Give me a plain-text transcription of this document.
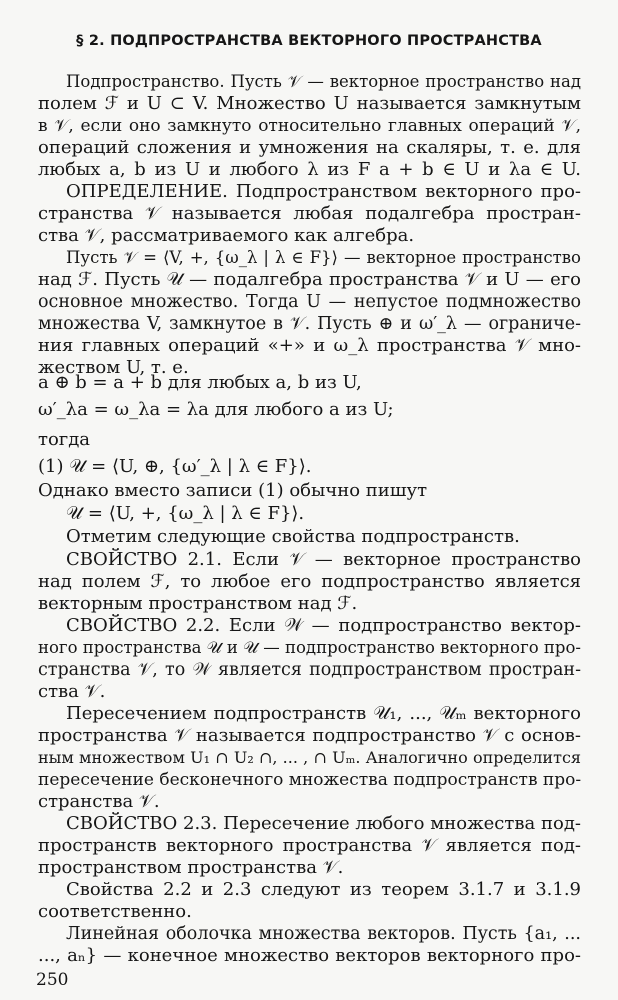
§ 2. ПОДПРОСТРАНСТВА ВЕКТОРНОГО ПРОСТРАНСТВА
Подпространство. Пусть 𝒱 — векторное пространство над
полем ℱ и U ⊂ V. Множество U называется замкнутым
в 𝒱, если оно замкнуто относительно главных операций 𝒱,
операций сложения и умножения на скаляры, т. е. для
любых a, b из U и любого λ из F a + b ∈ U и λa ∈ U.
ОПРЕДЕЛЕНИЕ. Подпространством векторного про-
странства 𝒱 называется любая подалгебра простран-
ства 𝒱, рассматриваемого как алгебра.
Пусть 𝒱 = ⟨V, +, {ω_λ | λ ∈ F}⟩ — векторное пространство
над ℱ. Пусть 𝒰 — подалгебра пространства 𝒱 и U — его
основное множество. Тогда U — непустое подмножество
множества V, замкнутое в 𝒱. Пусть ⊕ и ω′_λ — ограниче-
ния главных операций «+» и ω_λ пространства 𝒱 мно-
жеством U, т. е.
a ⊕ b = a + b для любых a, b из U,
ω′_λa = ω_λa = λa для любого a из U;
тогда
(1) 𝒰 = ⟨U, ⊕, {ω′_λ | λ ∈ F}⟩.
Однако вместо записи (1) обычно пишут
𝒰 = ⟨U, +, {ω_λ | λ ∈ F}⟩.
Отметим следующие свойства подпространств.
СВОЙСТВО 2.1. Если 𝒱 — векторное пространство
над полем ℱ, то любое его подпространство является
векторным пространством над ℱ.
СВОЙСТВО 2.2. Если 𝒲 — подпространство вектор-
ного пространства 𝒰 и 𝒰 — подпространство векторного про-
странства 𝒱, то 𝒲 является подпространством простран-
ства 𝒱.
Пересечением подпространств 𝒰₁, ..., 𝒰ₘ векторного
пространства 𝒱 называется подпространство 𝒱 с основ-
ным множеством U₁ ∩ U₂ ∩, ... , ∩ Uₘ. Аналогично определится
пересечение бесконечного множества подпространств про-
странства 𝒱.
СВОЙСТВО 2.3. Пересечение любого множества под-
пространств векторного пространства 𝒱 является под-
пространством пространства 𝒱.
Свойства 2.2 и 2.3 следуют из теорем 3.1.7 и 3.1.9
соответственно.
Линейная оболочка множества векторов. Пусть {a₁, ...
..., aₙ} — конечное множество векторов векторного про-
250
